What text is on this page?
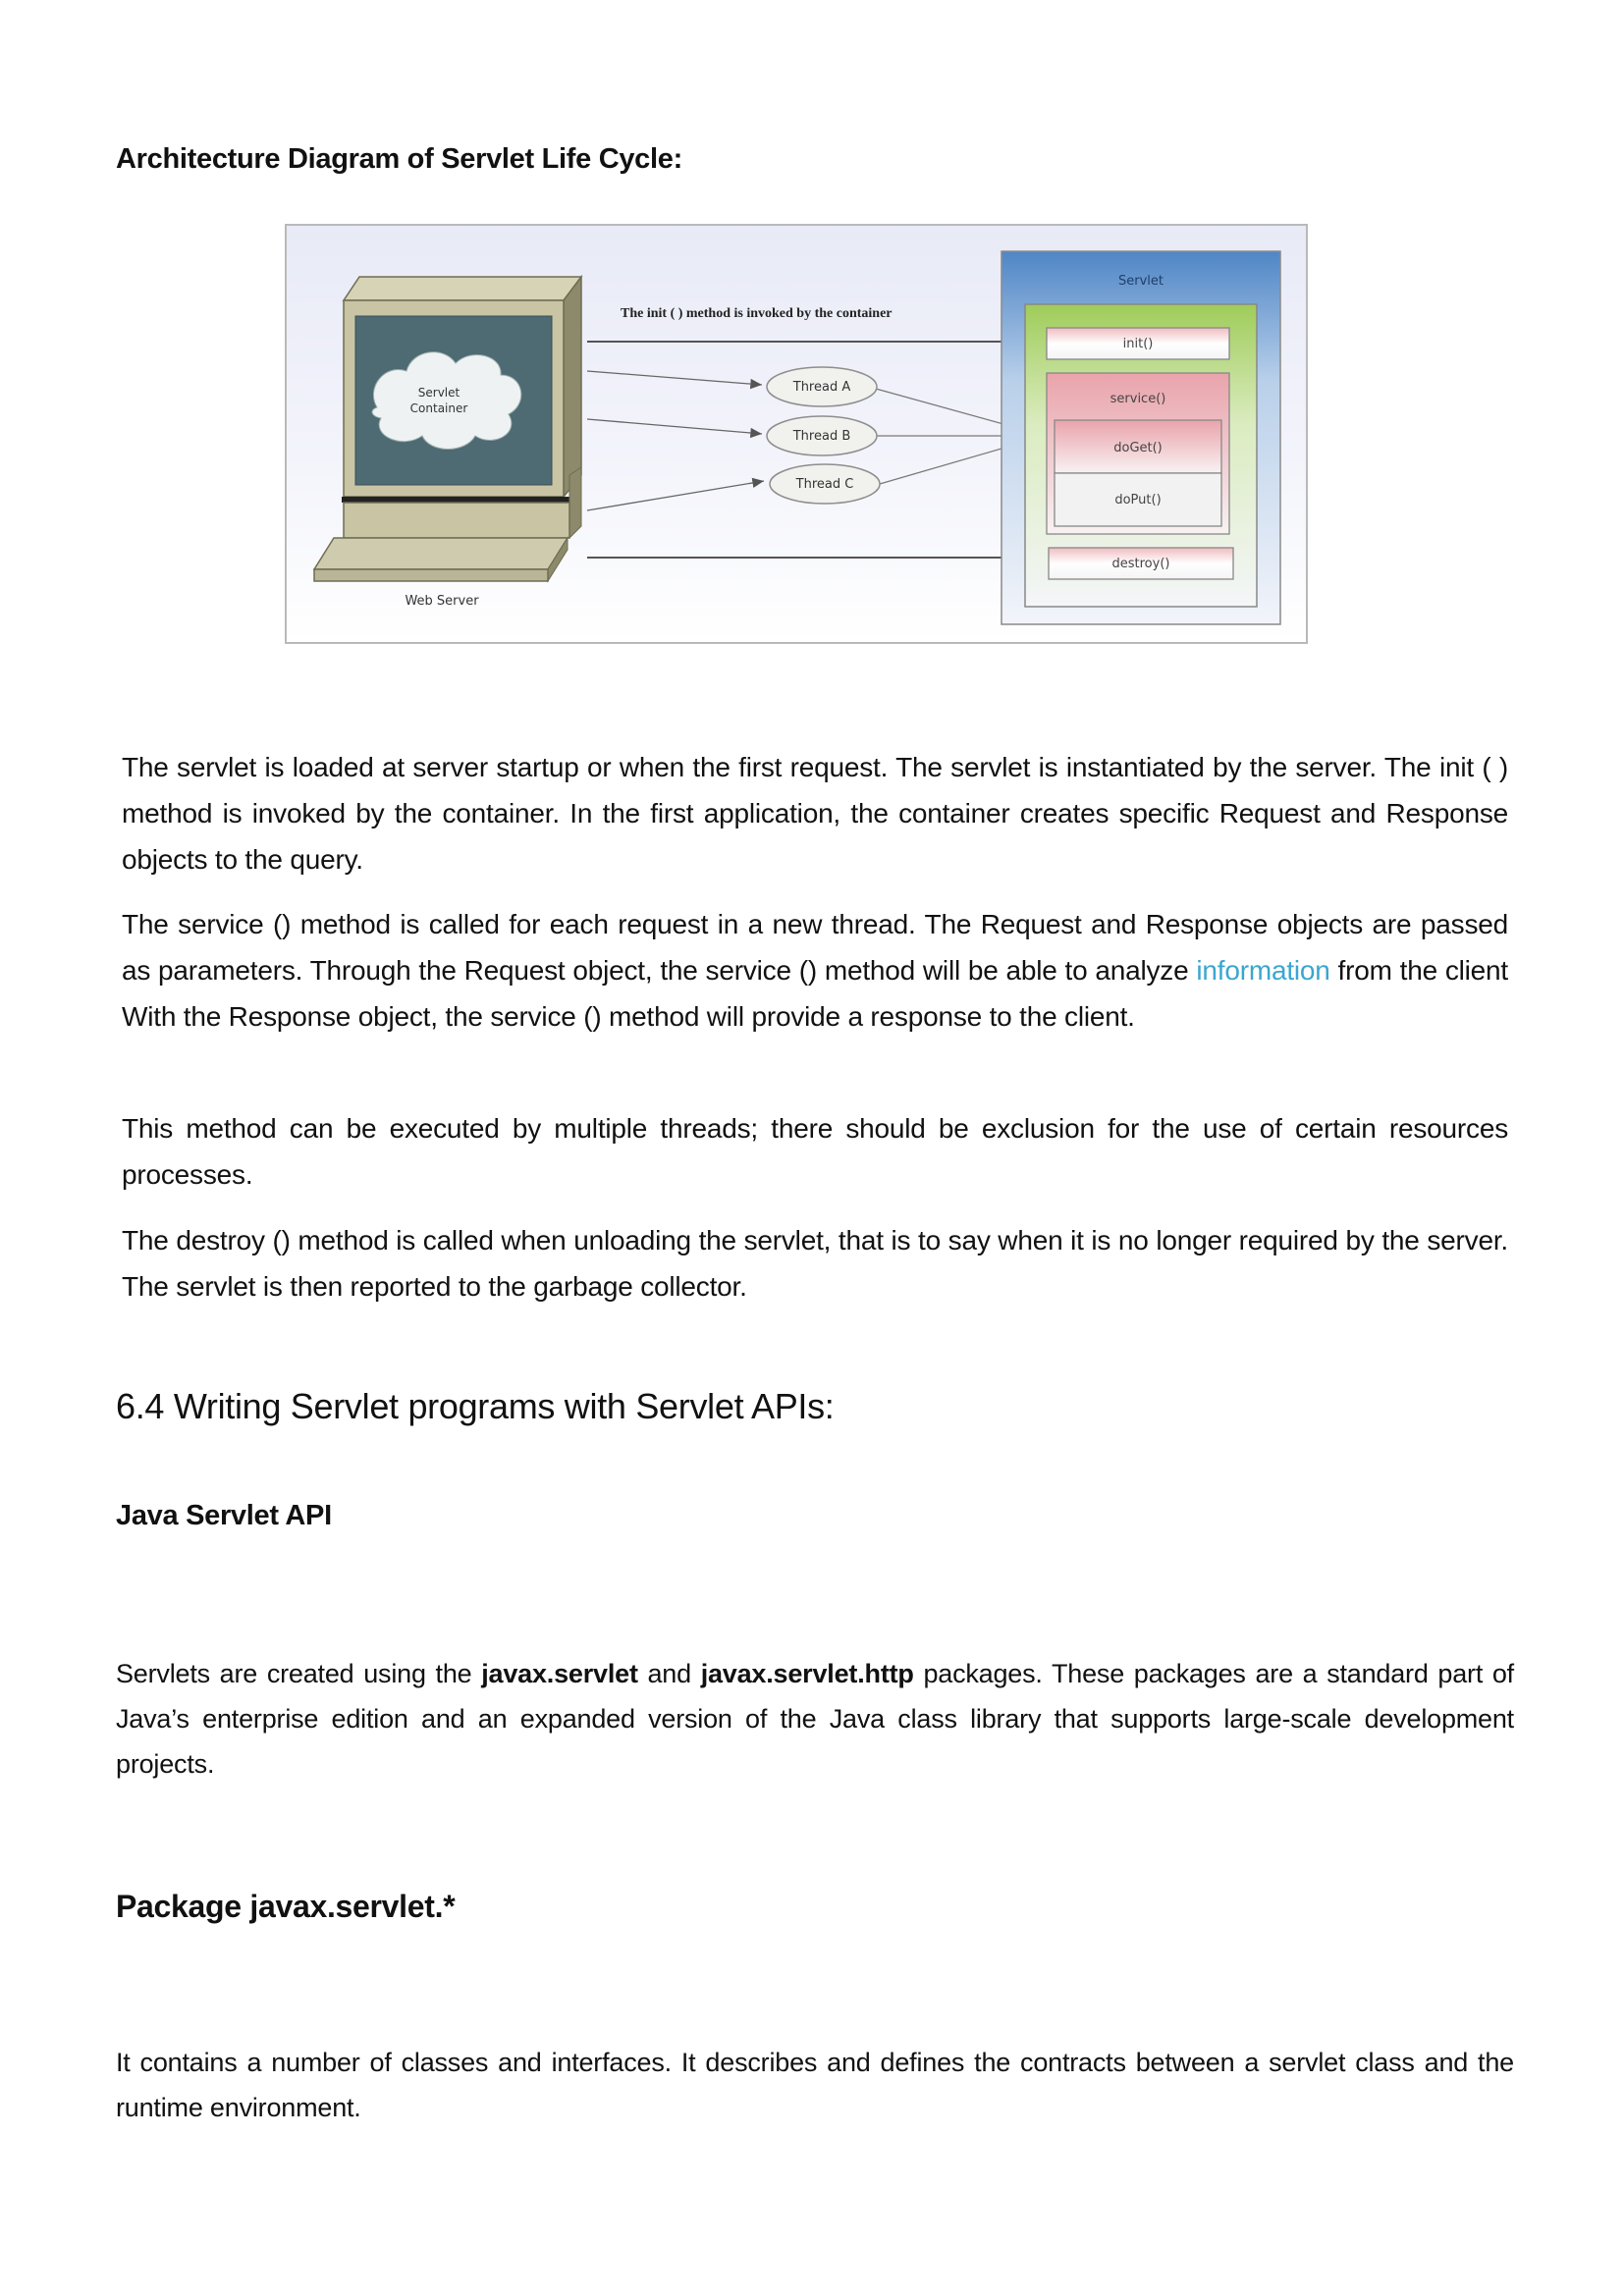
Architecture Diagram of Servlet Life Cycle:
Servlet
Container
Web Server
The init ( ) method is invoked by the container
Thread A
Thread B
Thread C
Servlet
init()
service()
doGet()
doPut()
destroy()

The servlet is loaded at server startup or when the first request. The servlet is instantiated by the server. The init ( ) method is invoked by the container. In the first application, the container creates specific Request and Response objects to the query.

The service () method is called for each request in a new thread. The Request and Response objects are passed as parameters. Through the Request object, the service () method will be able to analyze information from the client With the Response object, the service () method will provide a response to the client.

This method can be executed by multiple threads; there should be exclusion for the use of certain resources processes.

The destroy () method is called when unloading the servlet, that is to say when it is no longer required by the server. The servlet is then reported to the garbage collector.

6.4 Writing Servlet programs with Servlet APIs:
Java Servlet API

Servlets are created using the javax.servlet and javax.servlet.http packages. These packages are a standard part of Java’s enterprise edition and an expanded version of the Java class library that supports large-scale development projects.

Package javax.servlet.*

It contains a number of classes and interfaces. It describes and defines the contracts between a servlet class and the runtime environment.
